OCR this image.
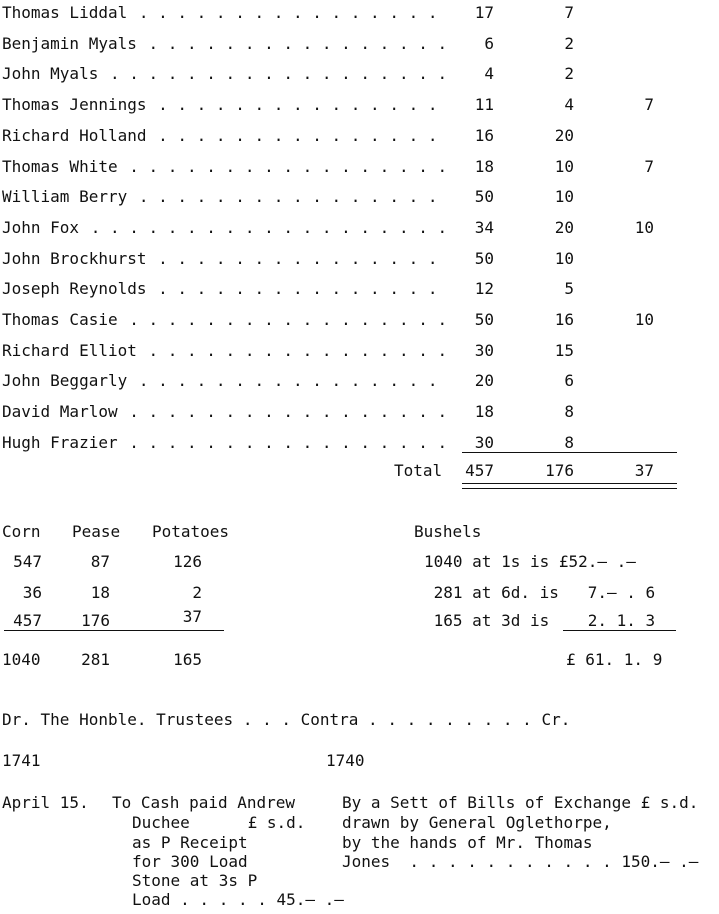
Thomas Liddal . . .	17	7
Benjamin Myals . . .	6	2
John Myals . . .	4	2
Thomas Jennings . . .	11	4	7
Richard Holland . . .	16	20
Thomas White . . .	18	10	7
William Berry . . .	50	10
John Fox . . .	34	20	10
John Brockhurst . . .	50	10
Joseph Reynolds . . .	12	5
Thomas Casie . . .	50	16	10
Richard Elliot . . .	30	15
John Beggarly . . .	20	6
David Marlow . . .	18	8
Hugh Frazier . . .	30	8
Total	457	176	37
Corn Pease Potatoes
547	87	126
36	18	2
457	176	37
1040	281	165
Bushels
1040 at 1s is £52.— .—
281 at 6d. is   7.— . 6
165 at 3d is    2. 1. 3
£ 61. 1. 9
Dr. The Honble. Trustees . . . Contra . . . . . . . . . Cr.
1741	1740
April 15. To Cash paid Andrew
Duchee      £ s.d.
as P Receipt
for 300 Load
Stone at 3s P
Load . . . . . 45.— .—
By a Sett of Bills of Exchange £ s.d.
drawn by General Oglethorpe,
by the hands of Mr. Thomas
Jones  . . . . . . . . . . . 150.— .—
